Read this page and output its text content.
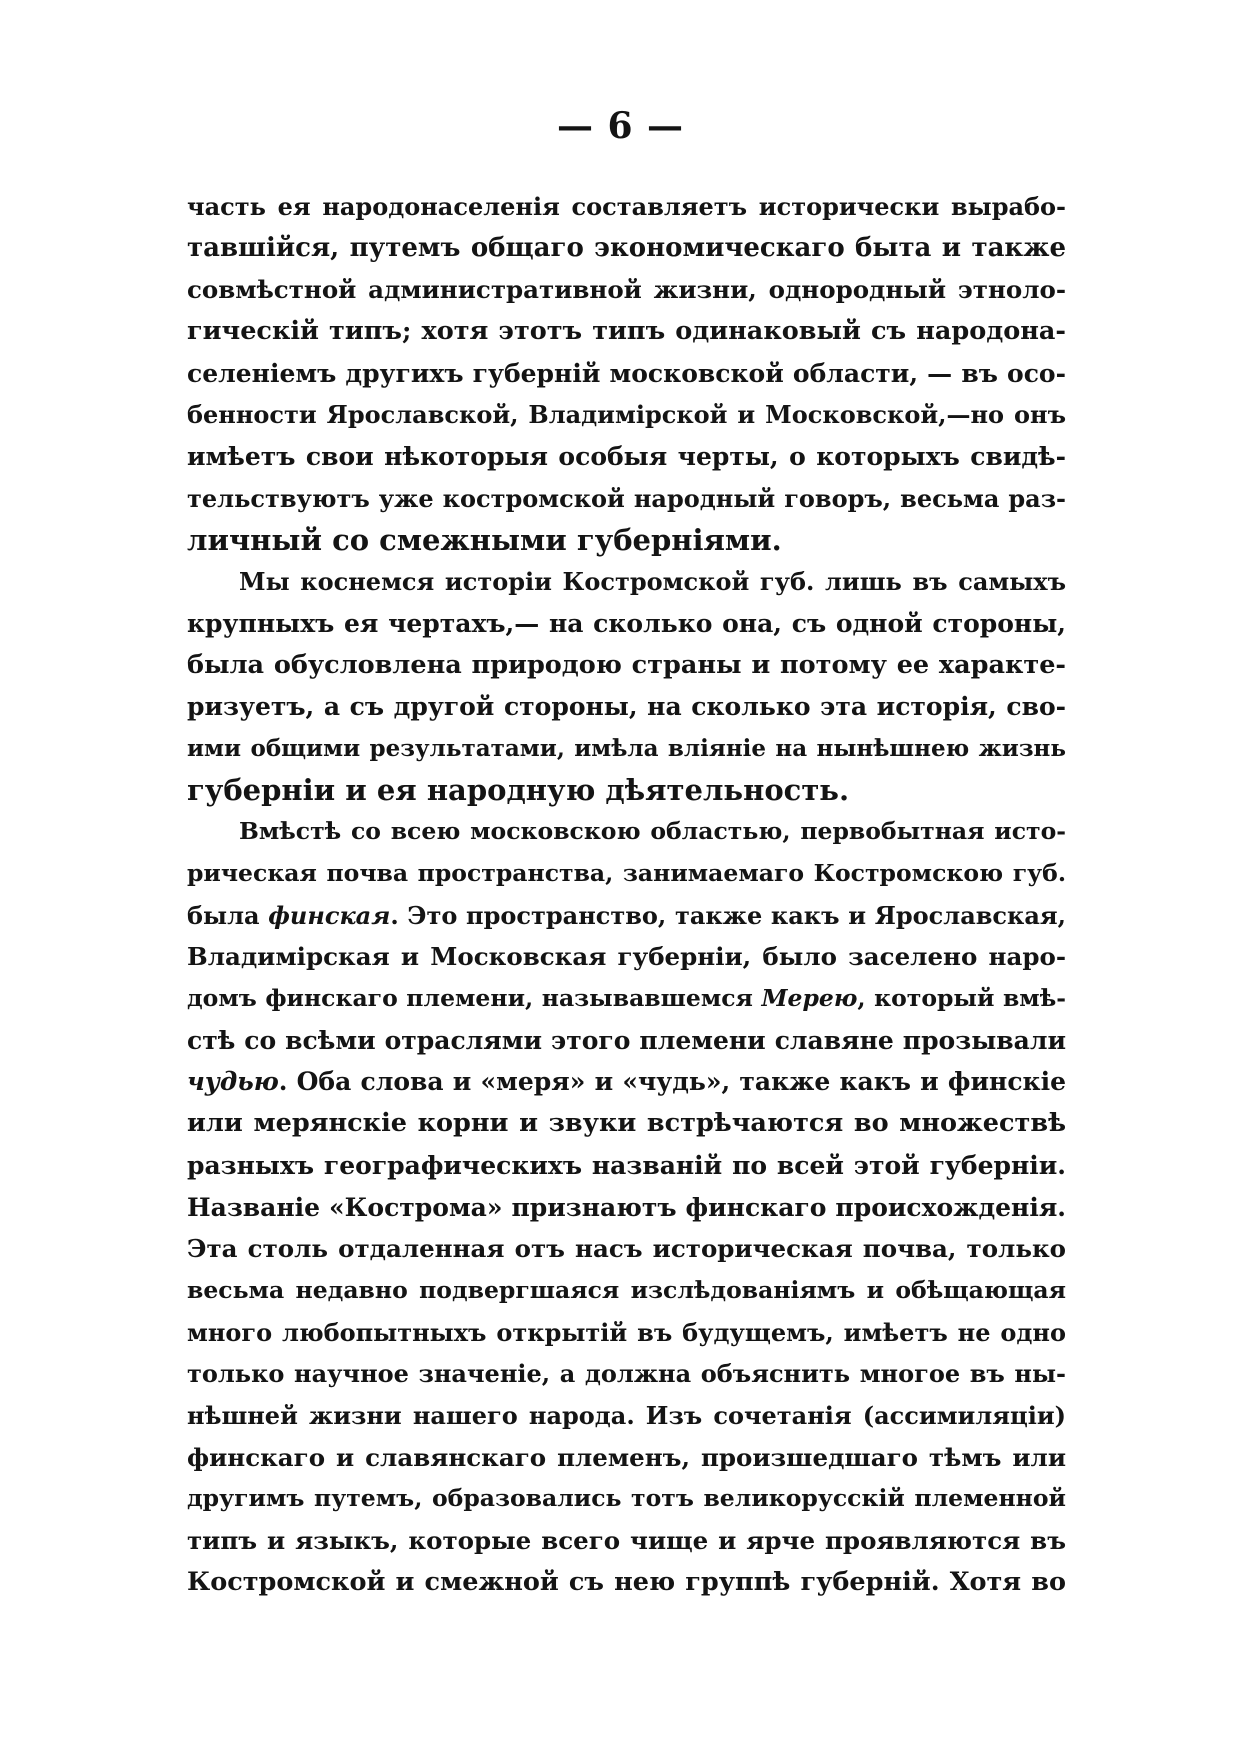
— 6 —
часть ея народонаселенія составляетъ исторически вырабо-
тавшійся, путемъ общаго экономическаго быта и также
совмѣстной административной жизни, однородный этноло-
гическій типъ; хотя этотъ типъ одинаковый съ народона-
селеніемъ другихъ губерній московской области, — въ осо-
бенности Ярославской, Владимірской и Московской,—но онъ
имѣетъ свои нѣкоторыя особыя черты, о которыхъ свидѣ-
тельствуютъ уже костромской народный говоръ, весьма раз-
личный со смежными губерніями.
Мы коснемся исторіи Костромской губ. лишь въ самыхъ
крупныхъ ея чертахъ,— на сколько она, съ одной стороны,
была обусловлена природою страны и потому ее характе-
ризуетъ, а съ другой стороны, на сколько эта исторія, сво-
ими общими результатами, имѣла вліяніе на нынѣшнею жизнь
губерніи и ея народную дѣятельность.
Вмѣстѣ со всею московскою областью, первобытная исто-
рическая почва пространства, занимаемаго Костромскою губ.
была финская. Это пространство, также какъ и Ярославская,
Владимірская и Московская губерніи, было заселено наро-
домъ финскаго племени, называвшемся Мерею, который вмѣ-
стѣ со всѣми отраслями этого племени славяне прозывали
чудью. Оба слова и «меря» и «чудь», также какъ и финскіе
или мерянскіе корни и звуки встрѣчаются во множествѣ
разныхъ географическихъ названій по всей этой губерніи.
Названіе «Кострома» признаютъ финскаго происхожденія.
Эта столь отдаленная отъ насъ историческая почва, только
весьма недавно подвергшаяся изслѣдованіямъ и обѣщающая
много любопытныхъ открытій въ будущемъ, имѣетъ не одно
только научное значеніе, а должна объяснить многое въ ны-
нѣшней жизни нашего народа. Изъ сочетанія (ассимиляціи)
финскаго и славянскаго племенъ, произшедшаго тѣмъ или
другимъ путемъ, образовались тотъ великорусскій племенной
типъ и языкъ, которые всего чище и ярче проявляются въ
Костромской и смежной съ нею группѣ губерній. Хотя во
